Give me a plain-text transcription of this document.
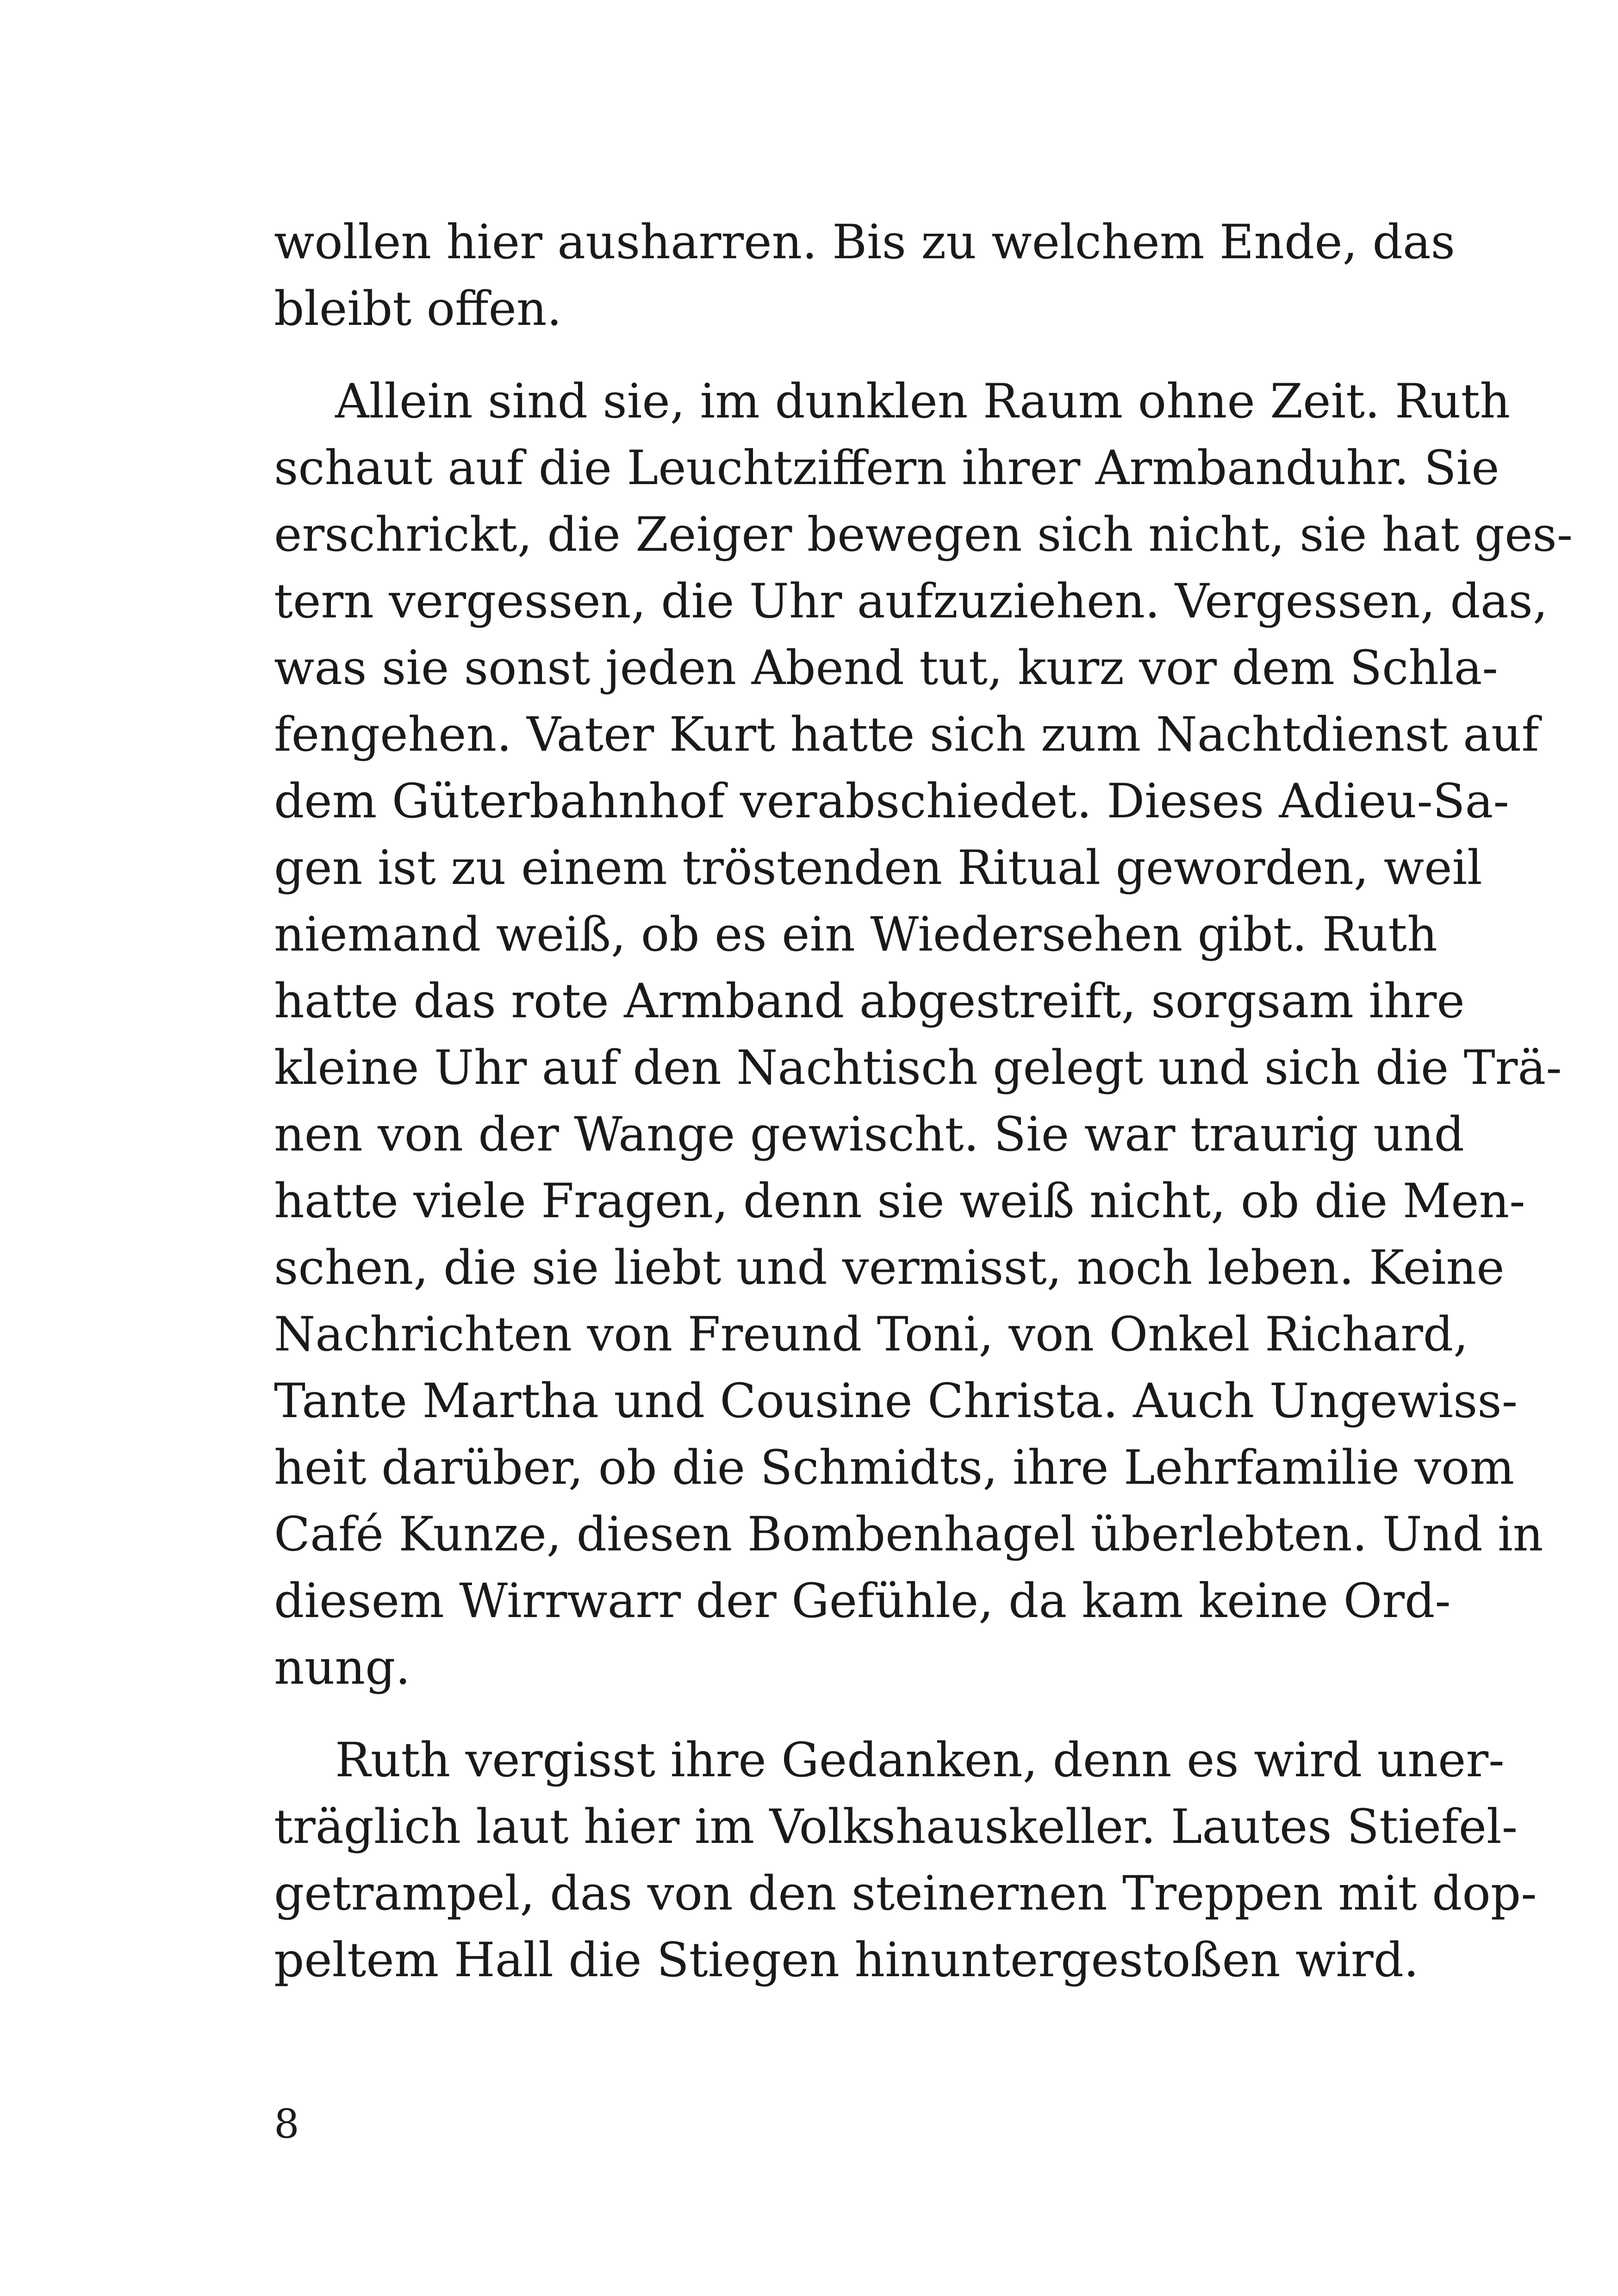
wollen hier ausharren. Bis zu welchem Ende, das
bleibt offen.
Allein sind sie, im dunklen Raum ohne Zeit. Ruth
schaut auf die Leuchtziffern ihrer Armbanduhr. Sie
erschrickt, die Zeiger bewegen sich nicht, sie hat ges-
tern vergessen, die Uhr aufzuziehen. Vergessen, das,
was sie sonst jeden Abend tut, kurz vor dem Schla-
fengehen. Vater Kurt hatte sich zum Nachtdienst auf
dem Güterbahnhof verabschiedet. Dieses Adieu-Sa-
gen ist zu einem tröstenden Ritual geworden, weil
niemand weiß, ob es ein Wiedersehen gibt. Ruth
hatte das rote Armband abgestreift, sorgsam ihre
kleine Uhr auf den Nachtisch gelegt und sich die Trä-
nen von der Wange gewischt. Sie war traurig und
hatte viele Fragen, denn sie weiß nicht, ob die Men-
schen, die sie liebt und vermisst, noch leben. Keine
Nachrichten von Freund Toni, von Onkel Richard,
Tante Martha und Cousine Christa. Auch Ungewiss-
heit darüber, ob die Schmidts, ihre Lehrfamilie vom
Café Kunze, diesen Bombenhagel überlebten. Und in
diesem Wirrwarr der Gefühle, da kam keine Ord-
nung.
Ruth vergisst ihre Gedanken, denn es wird uner-
träglich laut hier im Volkshauskeller. Lautes Stiefel-
getrampel, das von den steinernen Treppen mit dop-
peltem Hall die Stiegen hinuntergestoßen wird.
8
